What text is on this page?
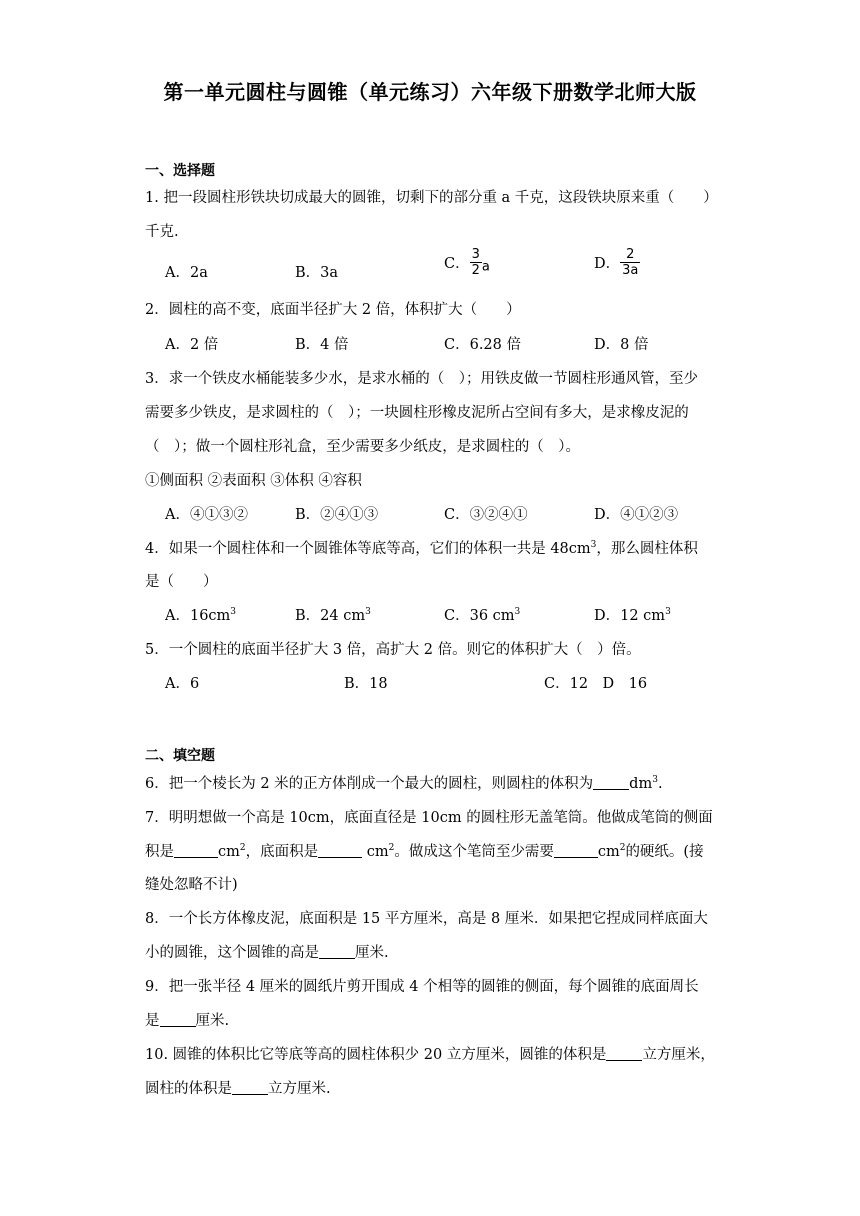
第一单元圆柱与圆锥（单元练习）六年级下册数学北师大版
一、选择题
1. 把一段圆柱形铁块切成最大的圆锥，切剩下的部分重 a 千克，这段铁块原来重（　　）
千克.
A．2a	B．3a
C． $\frac{3}{2}$ a	D． $\frac{2}{3a}$
2．圆柱的高不变，底面半径扩大 2 倍，体积扩大（　　）
A．2 倍	B．4 倍	C．6.28 倍	D．8 倍
3．求一个铁皮水桶能装多少水，是求水桶的（　）；用铁皮做一节圆柱形通风管，至少
需要多少铁皮，是求圆柱的（　）；一块圆柱形橡皮泥所占空间有多大，是求橡皮泥的
（　）；做一个圆柱形礼盒，至少需要多少纸皮，是求圆柱的（　）。
①侧面积 ②表面积 ③体积 ④容积
A．④①③②	B．②④①③	C．③②④①	D．④①②③
4．如果一个圆柱体和一个圆锥体等底等高，它们的体积一共是 $48cm^3$，那么圆柱体积
是（　　）
A．$16cm^3$	B．24 $cm^3$	C．36 $cm^3$	D．12 $cm^3$
5．一个圆柱的底面半径扩大 3 倍，高扩大 2 倍。则它的体积扩大（　）倍。
A．6	B．18	C．12　D　16
二、填空题
6．把一个棱长为 2 米的正方体削成一个最大的圆柱，则圆柱的体积为 $dm^3$.
7．明明想做一个高是 10cm，底面直径是 10cm 的圆柱形无盖笔筒。他做成笔筒的侧面
积是	$cm^2$，底面积是	$cm^2$。做成这个笔筒至少需要	$cm^2$的硬纸。(接
缝处忽略不计)
8．一个长方体橡皮泥，底面积是 15 平方厘米，高是 8 厘米．如果把它捏成同样底面大
小的圆锥，这个圆锥的高是 厘米.
9．把一张半径 4 厘米的圆纸片剪开围成 4 个相等的圆锥的侧面，每个圆锥的底面周长
是 厘米.
10. 圆锥的体积比它等底等高的圆柱体积少 20 立方厘米，圆锥的体积是 立方厘米，
圆柱的体积是 立方厘米.
